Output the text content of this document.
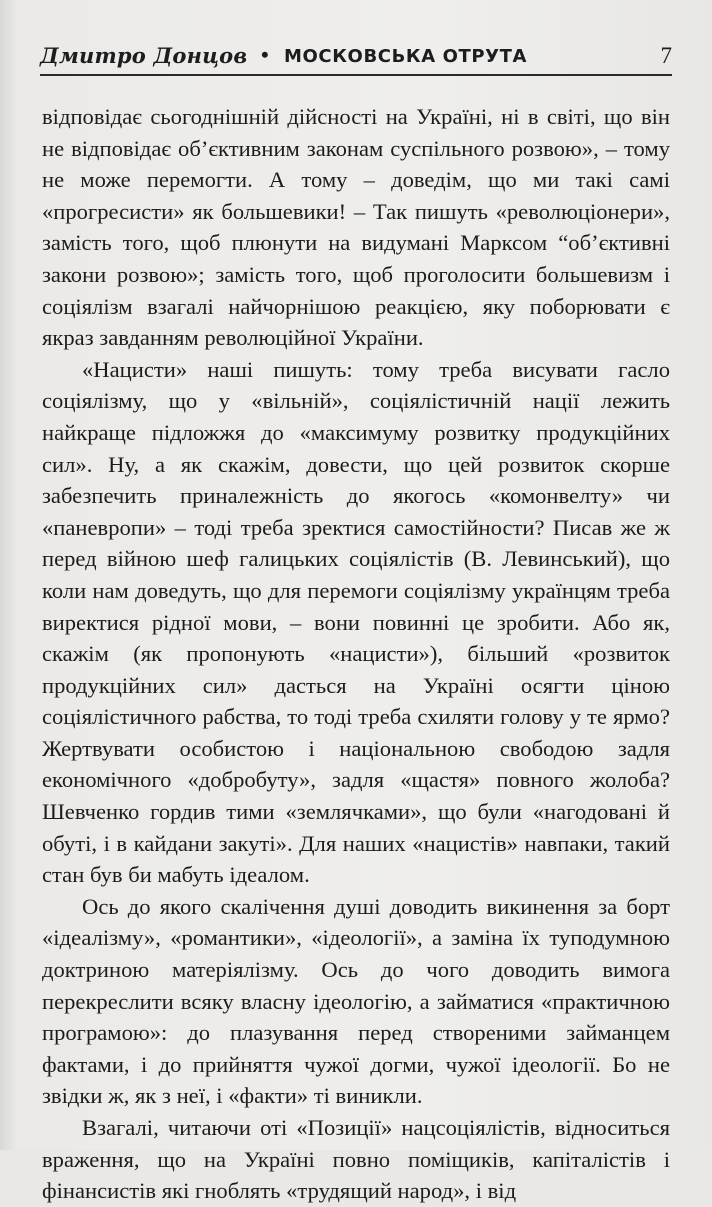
Дмитро Донцов • МОСКОВСЬКА ОТРУТА	7

відповідає сьогоднішній дійсності на Україні, ні в світі, що він не відповідає об’єктивним законам суспільного розвою», – тому не може перемогти. А тому – доведім, що ми такі самі «прогресисти» як большевики! – Так пишуть «революціонери», замість того, щоб плюнути на видумані Марксом “об’єктивні закони розвою»; замість того, щоб проголосити большевизм і соціялізм взагалі найчорнішою реакцією, яку поборювати є якраз завданням революційної України.

«Нацисти» наші пишуть: тому треба висувати гасло соціялізму, що у «вільній», соціялістичній нації лежить найкраще підложжя до «максимуму розвитку продукційних сил». Ну, а як скажім, довести, що цей розвиток скорше забезпечить приналежність до якогось «комонвелту» чи «паневропи» – тоді треба зректися самостійности? Писав же ж перед війною шеф галицьких соціялістів (В. Левинський), що коли нам доведуть, що для перемоги соціялізму українцям треба виректися рідної мови, – вони повинні це зробити. Або як, скажім (як пропонують «нацисти»), більший «розвиток продукційних сил» дасться на Україні осягти ціною соціялістичного рабства, то тоді треба схиляти голову у те ярмо? Жертвувати особистою і національною свободою задля економічного «добробуту», задля «щастя» повного жолоба? Шевченко гордив тими «землячками», що були «нагодовані й обуті, і в кайдани закуті». Для наших «нацистів» навпаки, такий стан був би мабуть ідеалом.

Ось до якого скалічення душі доводить викинення за борт «ідеалізму», «романтики», «ідеології», а заміна їх туподумною доктриною матеріялізму. Ось до чого доводить вимога перекреслити всяку власну ідеологію, а займатися «практичною програмою»: до плазування перед створеними займанцем фактами, і до прийняття чужої догми, чужої ідеології. Бо не звідки ж, як з неї, і «факти» ті виникли.

Взагалі, читаючи оті «Позиції» нацсоціялістів, відноситься враження, що на Україні повно поміщиків, капіталістів і фінансистів які гноблять «трудящий народ», і від
